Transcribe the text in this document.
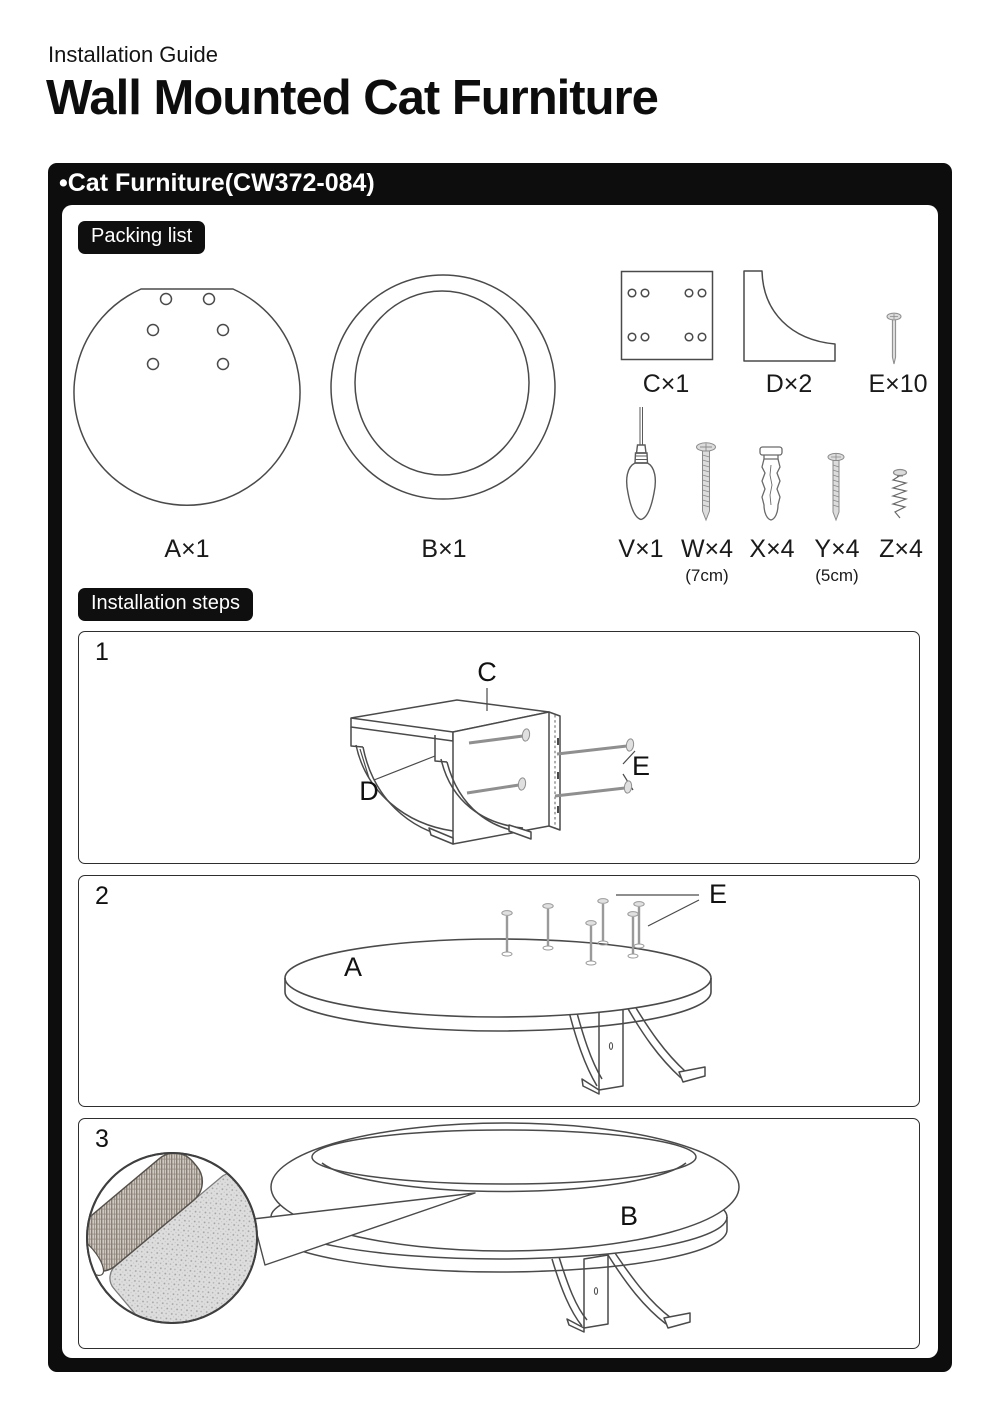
Installation Guide
Wall Mounted Cat Furniture
•Cat Furniture(CW372-084)
Packing list
A×1	B×1
C×1	D×2 E×10
V×1 W×4
(7cm)
X×4 Y×4
(5cm)
Z×4
Installation steps
1
C
D
E
2
A
E
3
B
